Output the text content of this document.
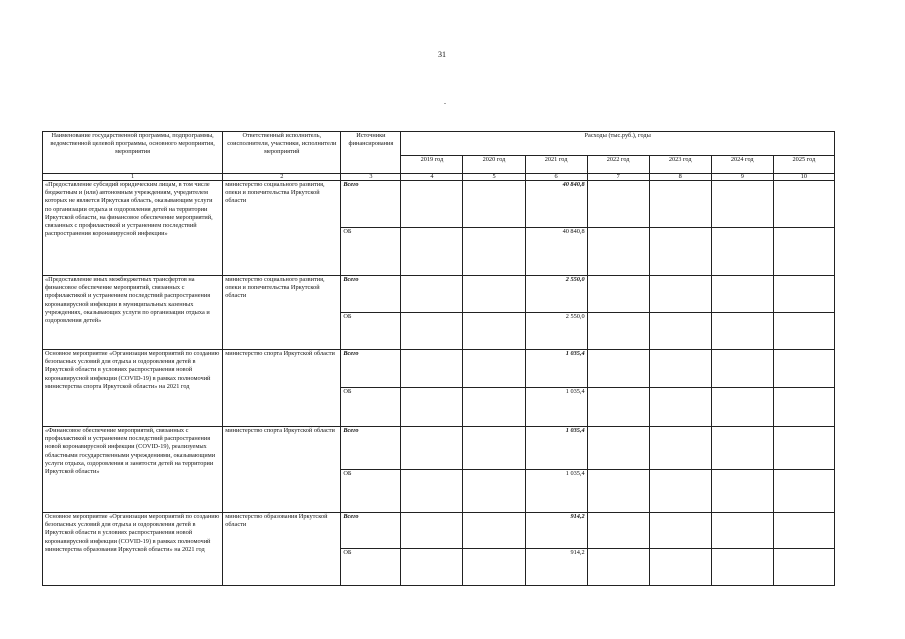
31
.
Наименование государственной программы, подпрограммы, ведомственной целевой программы, основного мероприятия, мероприятия	Ответственный исполнитель, соисполнители, участники, исполнители мероприятий	Источники финансирования	Расходы (тыс.руб.), годы						
			2019 год	2020 год	2021 год	2022 год	2023 год	2024 год	2025 год
1	2	3	4	5	6	7	8	9	10
«Предоставление субсидий юридическим лицам, в том числе бюджетным и (или) автономным учреждениям, учредителем которых не является Иркутская область, оказывающим услуги по организации отдыха и оздоровления детей на территории Иркутской области, на финансовое обеспечение мероприятий, связанных с профилактикой и устранением последствий распространения коронавирусной инфекции»	министерство социального развития, опеки и попечительства Иркутской области	Всего			40 840,8				
		ОБ			40 840,8				
«Предоставление иных межбюджетных трансфертов на финансовое обеспечение мероприятий, связанных с профилактикой и устранением последствий распространения коронавирусной инфекции в муниципальных казенных учреждениях, оказывающих услуги по организации отдыха и оздоровления детей»	министерство социального развития, опеки и попечительства Иркутской области	Всего			2 550,0				
		ОБ			2 550,0				
Основное мероприятие «Организация мероприятий по созданию безопасных условий для отдыха и оздоровления детей в Иркутской области в условиях распространения новой коронавирусной инфекции (COVID-19) в рамках полномочий министерства спорта Иркутской области» на 2021 год	министерство спорта Иркутской области	Всего			1 035,4				
		ОБ			1 035,4				
«Финансовое обеспечение мероприятий, связанных с профилактикой и устранением последствий распространения новой коронавирусной инфекции (COVID-19), реализуемых областными государственными учреждениями, оказывающими услуги отдыха, оздоровления и занятости детей на территории Иркутской области»	министерство спорта Иркутской области	Всего			1 035,4				
		ОБ			1 035,4				
Основное мероприятие «Организация мероприятий по созданию безопасных условий для отдыха и оздоровления детей в Иркутской области в условиях распространения новой коронавирусной инфекции (COVID-19) в рамках полномочий министерства образования Иркутской области» на 2021 год	министерство образования Иркутской области	Всего			914,2				
		ОБ			914,2				
